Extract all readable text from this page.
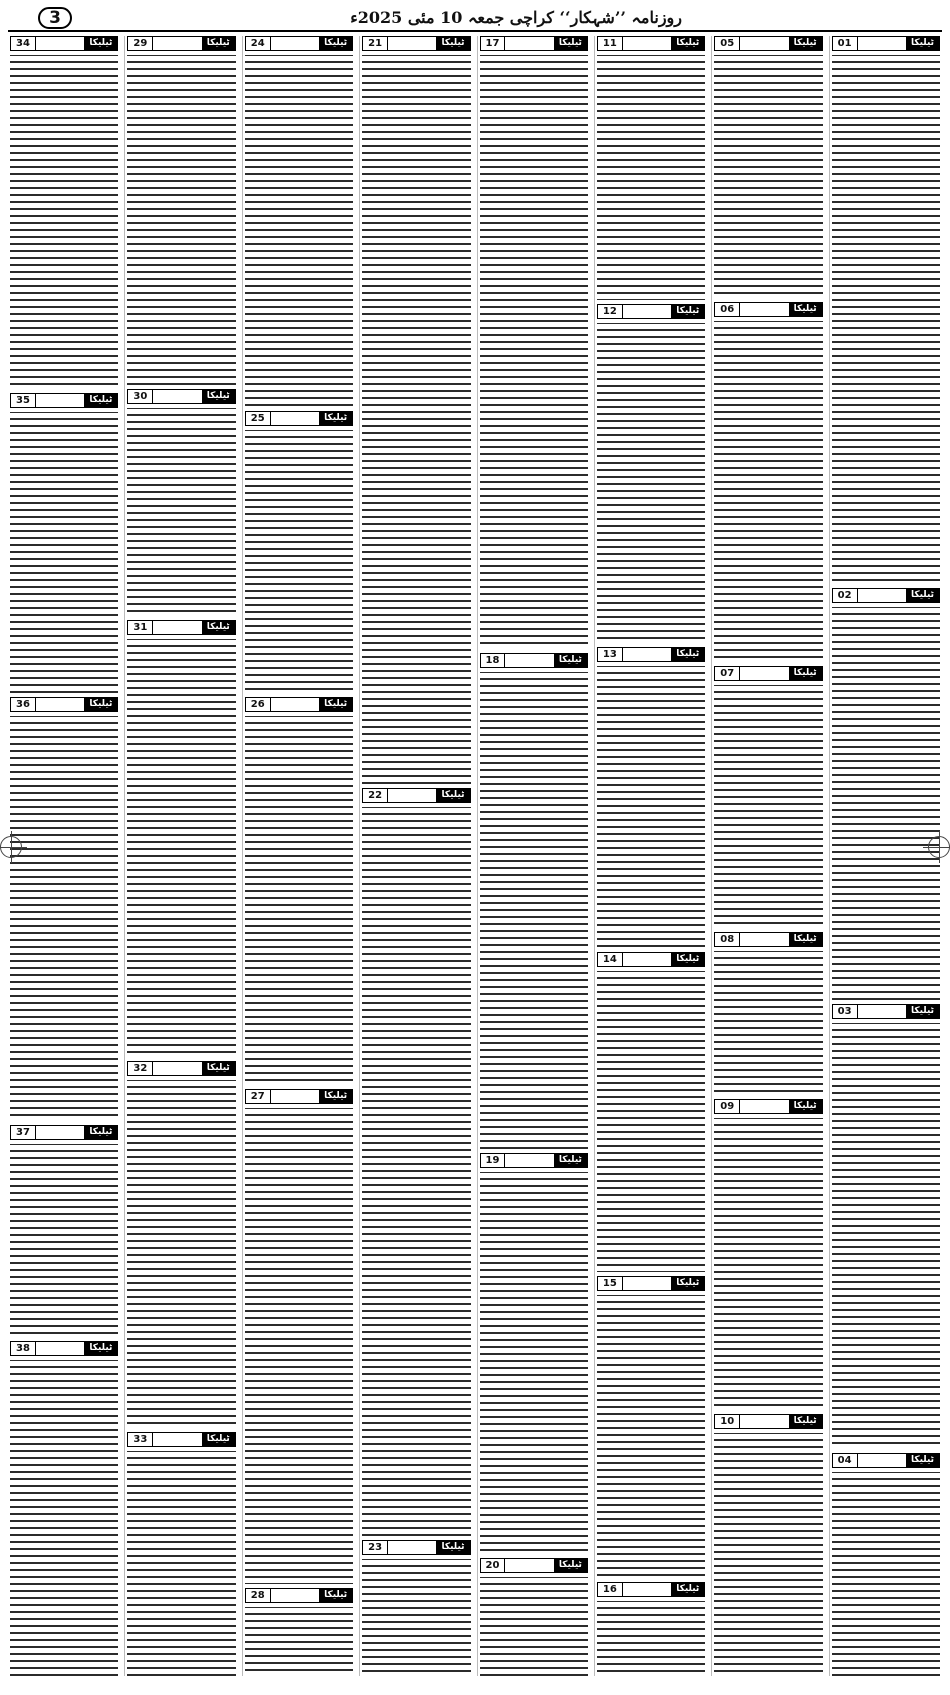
3	روزنامہ ’’شہکار‘‘ کراچی جمعہ 10 مئی 2025ء
ٹیلیکا
01
ٹیلیکا
02
ٹیلیکا
03
ٹیلیکا
04
ٹیلیکا
05
ٹیلیکا
06
ٹیلیکا
07
ٹیلیکا
08
ٹیلیکا
09
ٹیلیکا
10
ٹیلیکا
11
ٹیلیکا
12
ٹیلیکا
13
ٹیلیکا
14
ٹیلیکا
15
ٹیلیکا
16
ٹیلیکا
17
ٹیلیکا
18
ٹیلیکا
19
ٹیلیکا
20
ٹیلیکا
21
ٹیلیکا
22
ٹیلیکا
23
ٹیلیکا
24
ٹیلیکا
25
ٹیلیکا
26
ٹیلیکا
27
ٹیلیکا
28
ٹیلیکا
29
ٹیلیکا
30
ٹیلیکا
31
ٹیلیکا
32
ٹیلیکا
33
ٹیلیکا
34
ٹیلیکا
35
ٹیلیکا
36
ٹیلیکا
37
ٹیلیکا
38
